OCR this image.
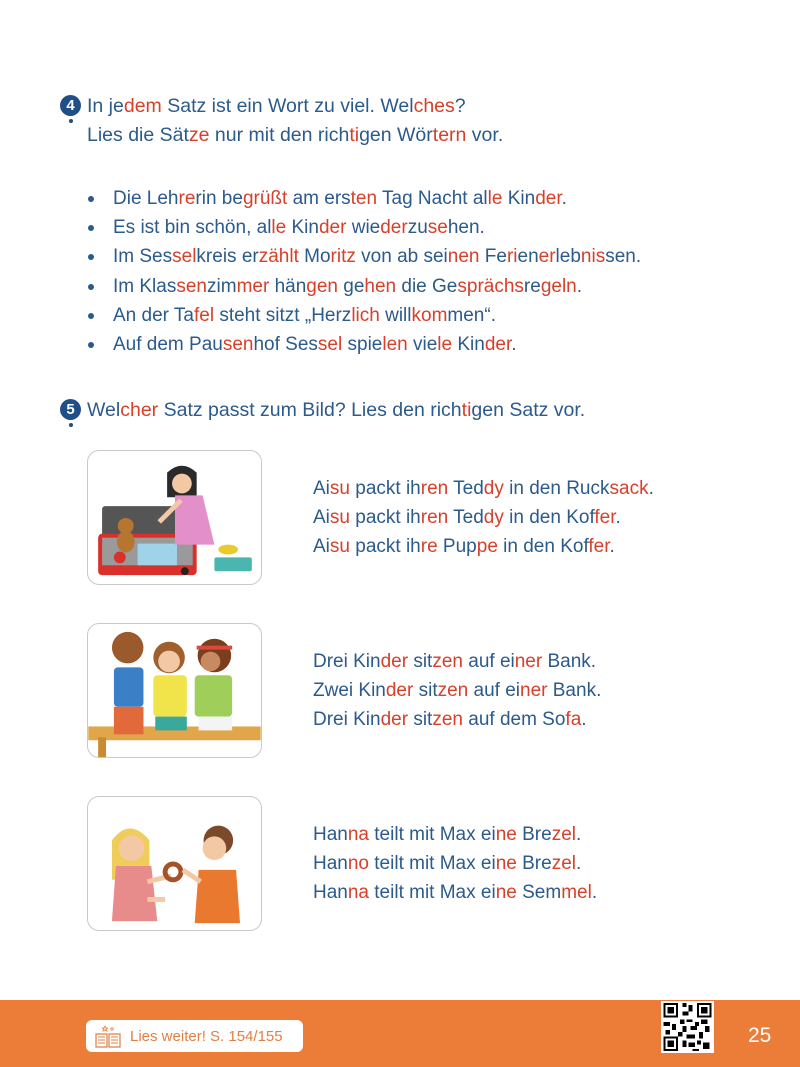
4 In jedem Satz ist ein Wort zu viel. Welches?
Lies die Sätze nur mit den richtigen Wörtern vor.
Die Lehrerin begrüßt am ersten Tag Nacht alle Kinder.
Es ist bin schön, alle Kinder wiederzusehen.
Im Sesselkreis erzählt Moritz von ab seinen Ferienerlebnissen.
Im Klassenzimmer hängen gehen die Gesprächsregeln.
An der Tafel steht sitzt „Herzlich willkommen“.
Auf dem Pausenhof Sessel spielen viele Kinder.
5 Welcher Satz passt zum Bild? Lies den richtigen Satz vor.
Aisu packt ihren Teddy in den Rucksack.
Aisu packt ihren Teddy in den Koffer.
Aisu packt ihre Puppe in den Koffer.
Drei Kinder sitzen auf einer Bank.
Zwei Kinder sitzen auf einer Bank.
Drei Kinder sitzen auf dem Sofa.
Hanna teilt mit Max eine Brezel.
Hanno teilt mit Max eine Brezel.
Hanna teilt mit Max eine Semmel.
Lies weiter! S. 154/155	25
